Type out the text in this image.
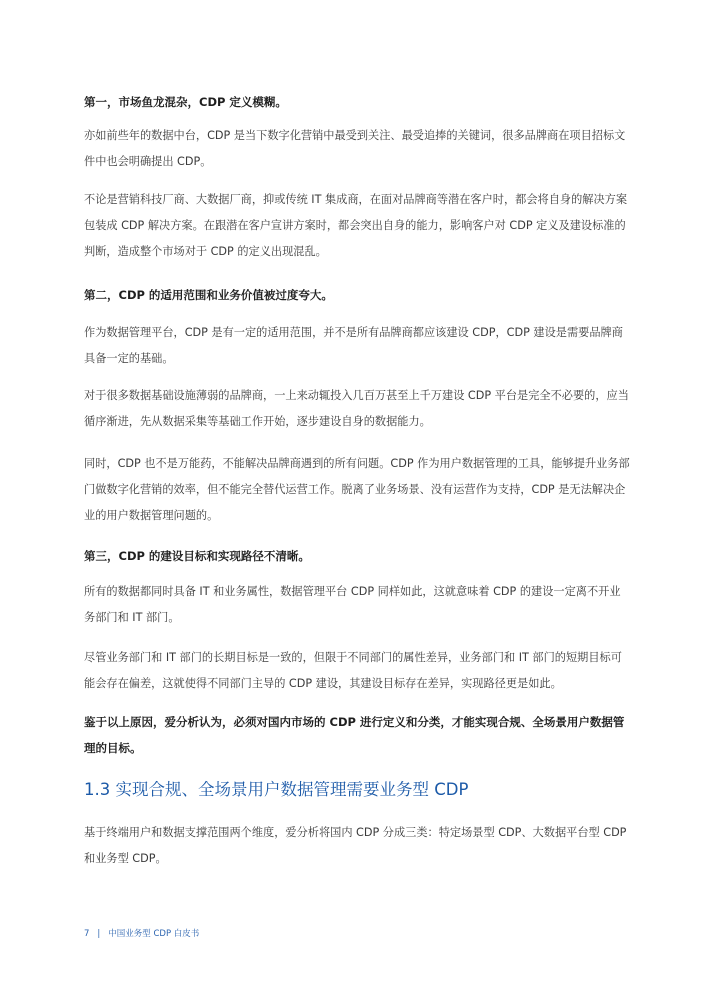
第一，市场鱼龙混杂，CDP 定义模糊。

亦如前些年的数据中台，CDP 是当下数字化营销中最受到关注、最受追捧的关键词，很多品牌商在项目招标文件中也会明确提出 CDP。

不论是营销科技厂商、大数据厂商，抑或传统 IT 集成商，在面对品牌商等潜在客户时，都会将自身的解决方案包装成 CDP 解决方案。在跟潜在客户宣讲方案时，都会突出自身的能力，影响客户对 CDP 定义及建设标准的判断，造成整个市场对于 CDP 的定义出现混乱。

第二，CDP 的适用范围和业务价值被过度夸大。

作为数据管理平台，CDP 是有一定的适用范围，并不是所有品牌商都应该建设 CDP，CDP 建设是需要品牌商具备一定的基础。

对于很多数据基础设施薄弱的品牌商，一上来动辄投入几百万甚至上千万建设 CDP 平台是完全不必要的，应当循序渐进，先从数据采集等基础工作开始，逐步建设自身的数据能力。

同时，CDP 也不是万能药，不能解决品牌商遇到的所有问题。CDP 作为用户数据管理的工具，能够提升业务部门做数字化营销的效率，但不能完全替代运营工作。脱离了业务场景、没有运营作为支持，CDP 是无法解决企业的用户数据管理问题的。

第三，CDP 的建设目标和实现路径不清晰。

所有的数据都同时具备 IT 和业务属性，数据管理平台 CDP 同样如此，这就意味着 CDP 的建设一定离不开业务部门和 IT 部门。

尽管业务部门和 IT 部门的长期目标是一致的，但限于不同部门的属性差异，业务部门和 IT 部门的短期目标可能会存在偏差，这就使得不同部门主导的 CDP 建设，其建设目标存在差异，实现路径更是如此。

鉴于以上原因，爱分析认为，必须对国内市场的 CDP 进行定义和分类，才能实现合规、全场景用户数据管理的目标。

1.3 实现合规、全场景用户数据管理需要业务型 CDP

基于终端用户和数据支撑范围两个维度，爱分析将国内 CDP 分成三类：特定场景型 CDP、大数据平台型 CDP 和业务型 CDP。

7 | 中国业务型 CDP 白皮书
